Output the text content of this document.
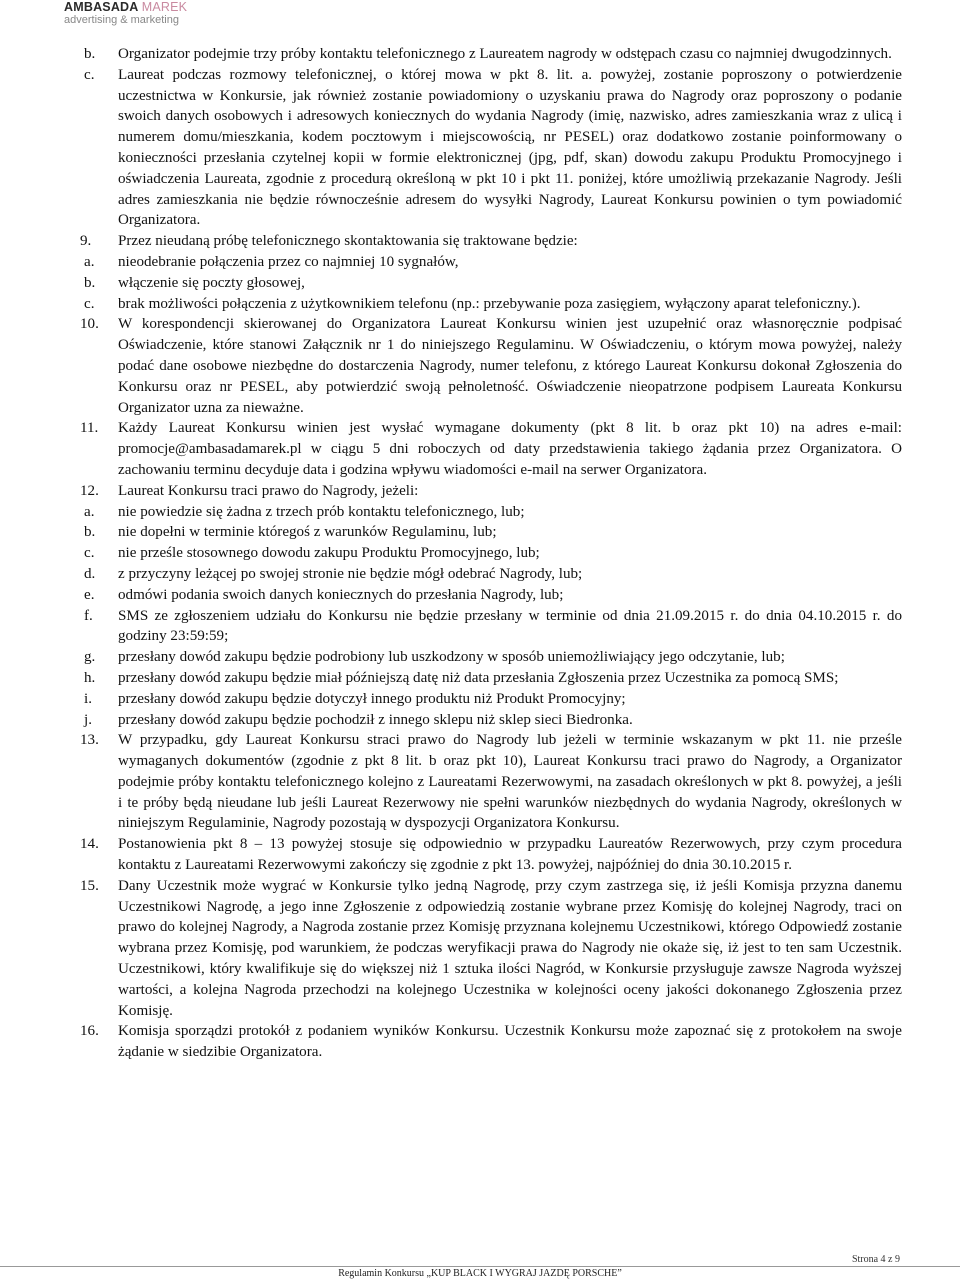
AMBASADA MAREK
advertising & marketing
b. Organizator podejmie trzy próby kontaktu telefonicznego z Laureatem nagrody w odstępach czasu co najmniej dwugodzinnych.
c. Laureat podczas rozmowy telefonicznej, o której mowa w pkt 8. lit. a. powyżej, zostanie poproszony o potwierdzenie uczestnictwa w Konkursie, jak również zostanie powiadomiony o uzyskaniu prawa do Nagrody oraz poproszony o podanie swoich danych osobowych i adresowych koniecznych do wydania Nagrody (imię, nazwisko, adres zamieszkania wraz z ulicą i numerem domu/mieszkania, kodem pocztowym i miejscowością, nr PESEL) oraz dodatkowo zostanie poinformowany o konieczności przesłania czytelnej kopii w formie elektronicznej (jpg, pdf, skan) dowodu zakupu Produktu Promocyjnego i oświadczenia Laureata, zgodnie z procedurą określoną w pkt 10 i pkt 11. poniżej, które umożliwią przekazanie Nagrody. Jeśli adres zamieszkania nie będzie równocześnie adresem do wysyłki Nagrody, Laureat Konkursu powinien o tym powiadomić Organizatora.
9. Przez nieudaną próbę telefonicznego skontaktowania się traktowane będzie:
a. nieodebranie połączenia przez co najmniej 10 sygnałów,
b. włączenie się poczty głosowej,
c. brak możliwości połączenia z użytkownikiem telefonu (np.: przebywanie poza zasięgiem, wyłączony aparat telefoniczny.).
10. W korespondencji skierowanej do Organizatora Laureat Konkursu winien jest uzupełnić oraz własnoręcznie podpisać Oświadczenie, które stanowi Załącznik nr 1 do niniejszego Regulaminu. W Oświadczeniu, o którym mowa powyżej, należy podać dane osobowe niezbędne do dostarczenia Nagrody, numer telefonu, z którego Laureat Konkursu dokonał Zgłoszenia do Konkursu oraz nr PESEL, aby potwierdzić swoją pełnoletność. Oświadczenie nieopatrzone podpisem Laureata Konkursu Organizator uzna za nieważne.
11. Każdy Laureat Konkursu winien jest wysłać wymagane dokumenty (pkt 8 lit. b oraz pkt 10) na adres e-mail: promocje@ambasadamarek.pl w ciągu 5 dni roboczych od daty przedstawienia takiego żądania przez Organizatora. O zachowaniu terminu decyduje data i godzina wpływu wiadomości e-mail na serwer Organizatora.
12. Laureat Konkursu traci prawo do Nagrody, jeżeli:
a. nie powiedzie się żadna z trzech prób kontaktu telefonicznego, lub;
b. nie dopełni w terminie któregoś z warunków Regulaminu, lub;
c. nie prześle stosownego dowodu zakupu Produktu Promocyjnego, lub;
d. z przyczyny leżącej po swojej stronie nie będzie mógł odebrać Nagrody, lub;
e. odmówi podania swoich danych koniecznych do przesłania Nagrody, lub;
f. SMS ze zgłoszeniem udziału do Konkursu nie będzie przesłany w terminie od dnia 21.09.2015 r. do dnia 04.10.2015 r. do godziny 23:59:59;
g. przesłany dowód zakupu będzie podrobiony lub uszkodzony w sposób uniemożliwiający jego odczytanie, lub;
h. przesłany dowód zakupu będzie miał późniejszą datę niż data przesłania Zgłoszenia przez Uczestnika za pomocą SMS;
i. przesłany dowód zakupu będzie dotyczył innego produktu niż Produkt Promocyjny;
j. przesłany dowód zakupu będzie pochodził z innego sklepu niż sklep sieci Biedronka.
13. W przypadku, gdy Laureat Konkursu straci prawo do Nagrody lub jeżeli w terminie wskazanym w pkt 11. nie prześle wymaganych dokumentów (zgodnie z pkt 8 lit. b oraz pkt 10), Laureat Konkursu traci prawo do Nagrody, a Organizator podejmie próby kontaktu telefonicznego kolejno z Laureatami Rezerwowymi, na zasadach określonych w pkt 8. powyżej, a jeśli i te próby będą nieudane lub jeśli Laureat Rezerwowy nie spełni warunków niezbędnych do wydania Nagrody, określonych w niniejszym Regulaminie, Nagrody pozostają w dyspozycji Organizatora Konkursu.
14. Postanowienia pkt 8 – 13 powyżej stosuje się odpowiednio w przypadku Laureatów Rezerwowych, przy czym procedura kontaktu z Laureatami Rezerwowymi zakończy się zgodnie z pkt 13. powyżej, najpóźniej do dnia 30.10.2015 r.
15. Dany Uczestnik może wygrać w Konkursie tylko jedną Nagrodę, przy czym zastrzega się, iż jeśli Komisja przyzna danemu Uczestnikowi Nagrodę, a jego inne Zgłoszenie z odpowiedzią zostanie wybrane przez Komisję do kolejnej Nagrody, traci on prawo do kolejnej Nagrody, a Nagroda zostanie przez Komisję przyznana kolejnemu Uczestnikowi, którego Odpowiedź zostanie wybrana przez Komisję, pod warunkiem, że podczas weryfikacji prawa do Nagrody nie okaże się, iż jest to ten sam Uczestnik. Uczestnikowi, który kwalifikuje się do większej niż 1 sztuka ilości Nagród, w Konkursie przysługuje zawsze Nagroda wyższej wartości, a kolejna Nagroda przechodzi na kolejnego Uczestnika w kolejności oceny jakości dokonanego Zgłoszenia przez Komisję.
16. Komisja sporządzi protokół z podaniem wyników Konkursu. Uczestnik Konkursu może zapoznać się z protokołem na swoje żądanie w siedzibie Organizatora.
Strona 4 z 9
Regulamin Konkursu „KUP BLACK I WYGRAJ JAZDĘ PORSCHE”
